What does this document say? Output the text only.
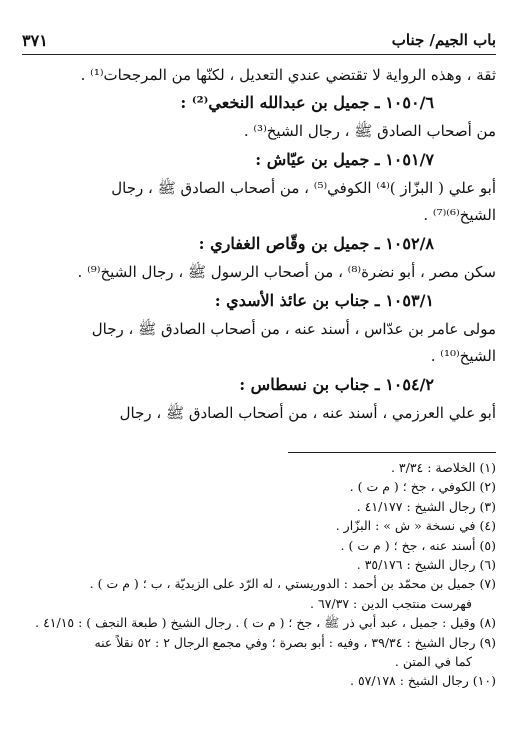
باب الجيم/ جناب
٣٧١

ثقة ، وهذه الرواية لا تقتضي عندي التعديل ، لكنّها من المرجحات⁽¹⁾ .

١٠٥٠/٦ ـ جميل بن عبدالله النخعي⁽²⁾ :

من أصحاب الصادق ﷺ ، رجال الشيخ⁽³⁾ .

١٠٥١/٧ ـ جميل بن عيّاش :

أبو علي ( البزّاز )⁽⁴⁾ الكوفي⁽⁵⁾ ، من أصحاب الصادق ﷺ ، رجال

الشيخ⁽⁶⁾⁽⁷⁾ .

١٠٥٢/٨ ـ جميل بن وقّاص الغفاري :

سكن مصر ، أبو نضرة⁽⁸⁾ ، من أصحاب الرسول ﷺ ، رجال الشيخ⁽⁹⁾ .

١٠٥٣/١ ـ جناب بن عائذ الأسدي :

مولى عامر بن عدّاس ، أسند عنه ، من أصحاب الصادق ﷺ ، رجال

الشيخ⁽¹⁰⁾ .

١٠٥٤/٢ ـ جناب بن نسطاس :

أبو علي العرزمي ، أسند عنه ، من أصحاب الصادق ﷺ ، رجال

(١) الخلاصة : ٣/٣٤ .

(٢) الكوفي ، جخ ؛ ( م ت ) .

(٣) رجال الشيخ : ٤١/١٧٧ .

(٤) في نسخة « ش » : البزّار .

(٥) أسند عنه ، جخ ؛ ( م ت ) .

(٦) رجال الشيخ : ٣٥/١٧٦ .

(٧) جميل بن محمّد بن أحمد : الدوريستي ، له الرّد على الزيديّة ، ب ؛ ( م ت ) .

فهرست منتجب الدين : ٦٧/٣٧ .

(٨) وقيل : جميل ، عبد أبي ذر ﷺ ، جخ ؛ ( م ت ) . رجال الشيخ ( طبعة النجف ) : ٤١/١٥ .

(٩) رجال الشيخ : ٣٩/٣٤ ، وفيه : أبو بصرة ؛ وفي مجمع الرجال ٢ : ٥٢ نقلاً عنه

كما في المتن .

(١٠) رجال الشيخ : ٥٧/١٧٨ .
